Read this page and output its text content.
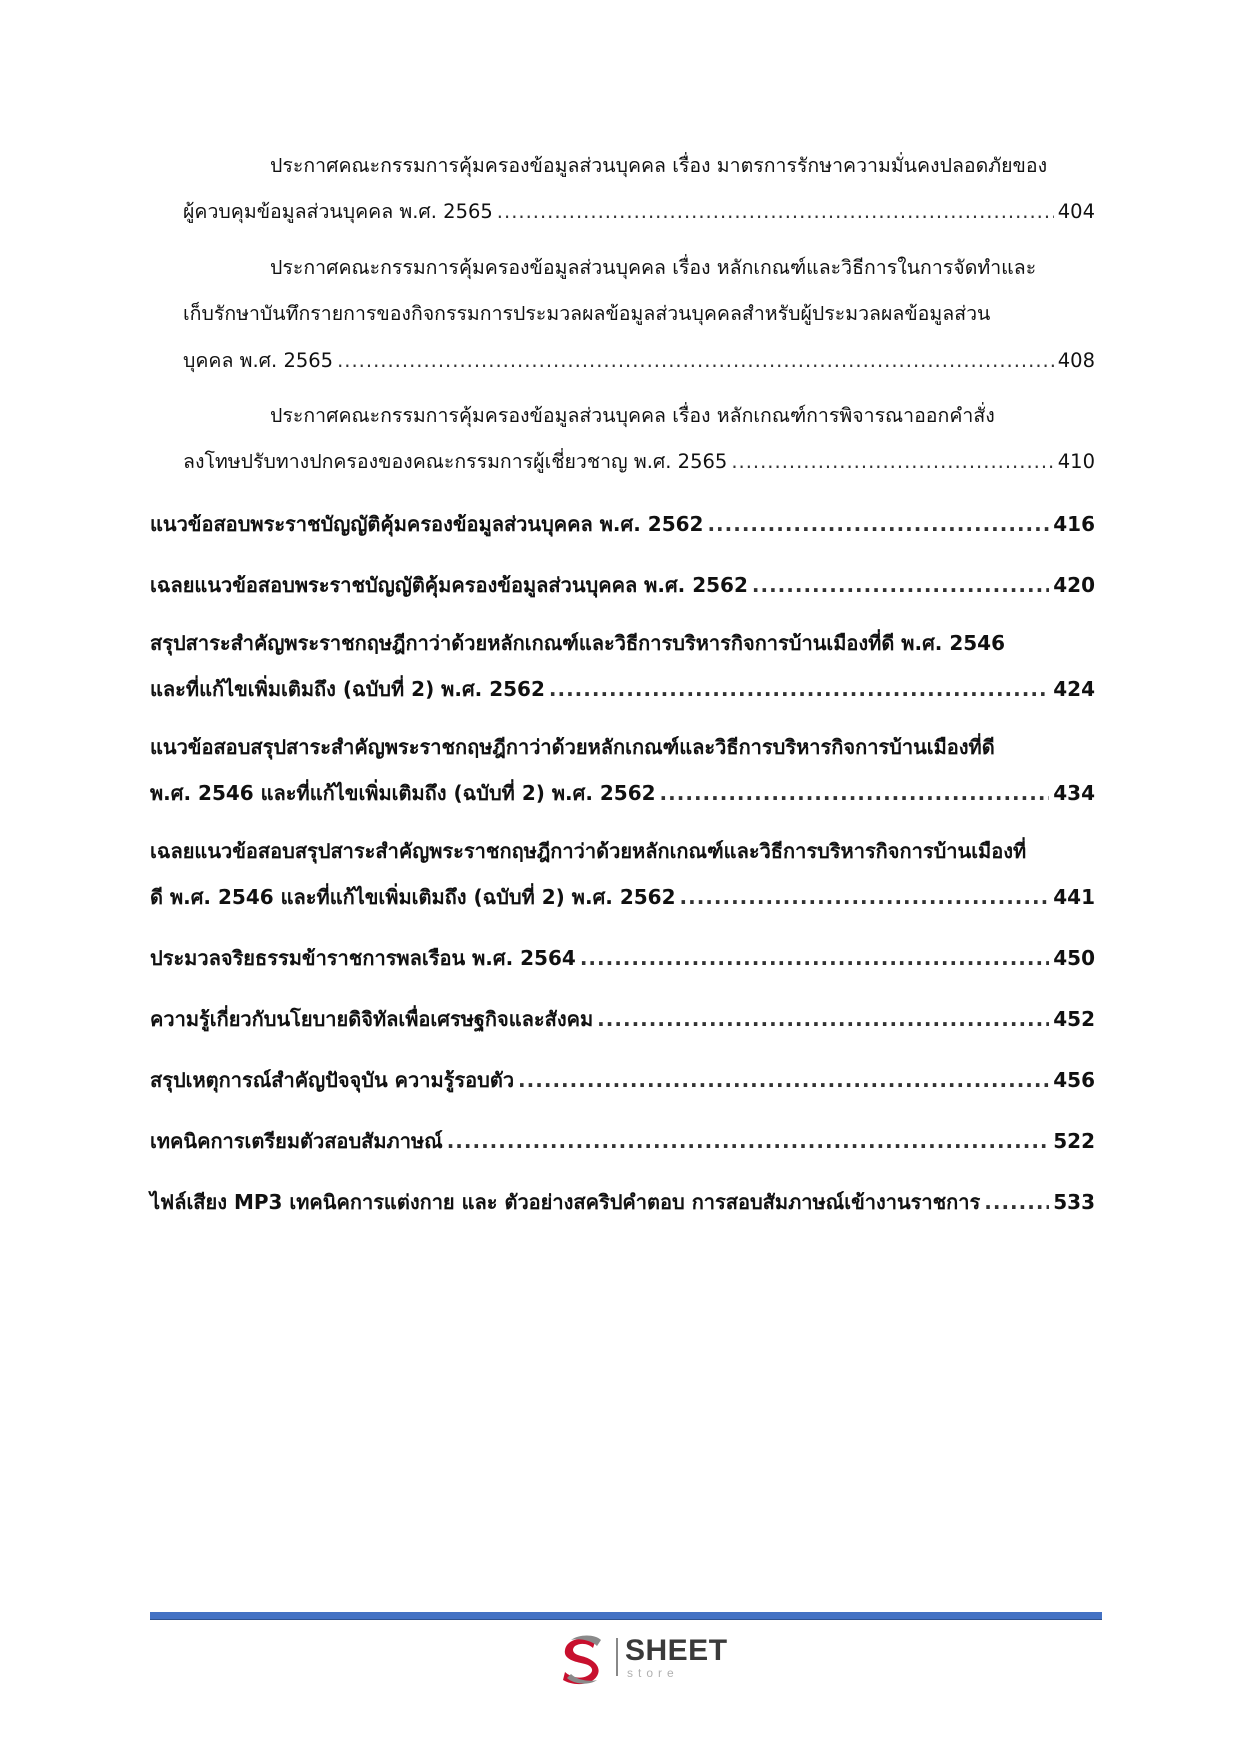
ประกาศคณะกรรมการคุ้มครองข้อมูลส่วนบุคคล เรื่อง มาตรการรักษาความมั่นคงปลอดภัยของ
ผู้ควบคุมข้อมูลส่วนบุคคล พ.ศ. 2565 .....	404
ประกาศคณะกรรมการคุ้มครองข้อมูลส่วนบุคคล เรื่อง หลักเกณฑ์และวิธีการในการจัดทำและ
เก็บรักษาบันทึกรายการของกิจกรรมการประมวลผลข้อมูลส่วนบุคคลสำหรับผู้ประมวลผลข้อมูลส่วน
บุคคล พ.ศ. 2565 .....	408
ประกาศคณะกรรมการคุ้มครองข้อมูลส่วนบุคคล เรื่อง หลักเกณฑ์การพิจารณาออกคำสั่ง
ลงโทษปรับทางปกครองของคณะกรรมการผู้เชี่ยวชาญ พ.ศ. 2565 .....	410
แนวข้อสอบพระราชบัญญัติคุ้มครองข้อมูลส่วนบุคคล พ.ศ. 2562 .....	416
เฉลยแนวข้อสอบพระราชบัญญัติคุ้มครองข้อมูลส่วนบุคคล พ.ศ. 2562 .....	420
สรุปสาระสำคัญพระราชกฤษฎีกาว่าด้วยหลักเกณฑ์และวิธีการบริหารกิจการบ้านเมืองที่ดี พ.ศ. 2546
และที่แก้ไขเพิ่มเติมถึง (ฉบับที่ 2) พ.ศ. 2562 .....	424
แนวข้อสอบสรุปสาระสำคัญพระราชกฤษฎีกาว่าด้วยหลักเกณฑ์และวิธีการบริหารกิจการบ้านเมืองที่ดี
พ.ศ. 2546 และที่แก้ไขเพิ่มเติมถึง (ฉบับที่ 2) พ.ศ. 2562 .....	434
เฉลยแนวข้อสอบสรุปสาระสำคัญพระราชกฤษฎีกาว่าด้วยหลักเกณฑ์และวิธีการบริหารกิจการบ้านเมืองที่
ดี พ.ศ. 2546 และที่แก้ไขเพิ่มเติมถึง (ฉบับที่ 2) พ.ศ. 2562 .....	441
ประมวลจริยธรรมข้าราชการพลเรือน พ.ศ. 2564 .....	450
ความรู้เกี่ยวกับนโยบายดิจิทัลเพื่อเศรษฐกิจและสังคม .....	452
สรุปเหตุการณ์สำคัญปัจจุบัน ความรู้รอบตัว .....	456
เทคนิคการเตรียมตัวสอบสัมภาษณ์ .....	522
ไฟล์เสียง MP3 เทคนิคการแต่งกาย และ ตัวอย่างสคริปคำตอบ การสอบสัมภาษณ์เข้างานราชการ .....	533
SHEET
store
